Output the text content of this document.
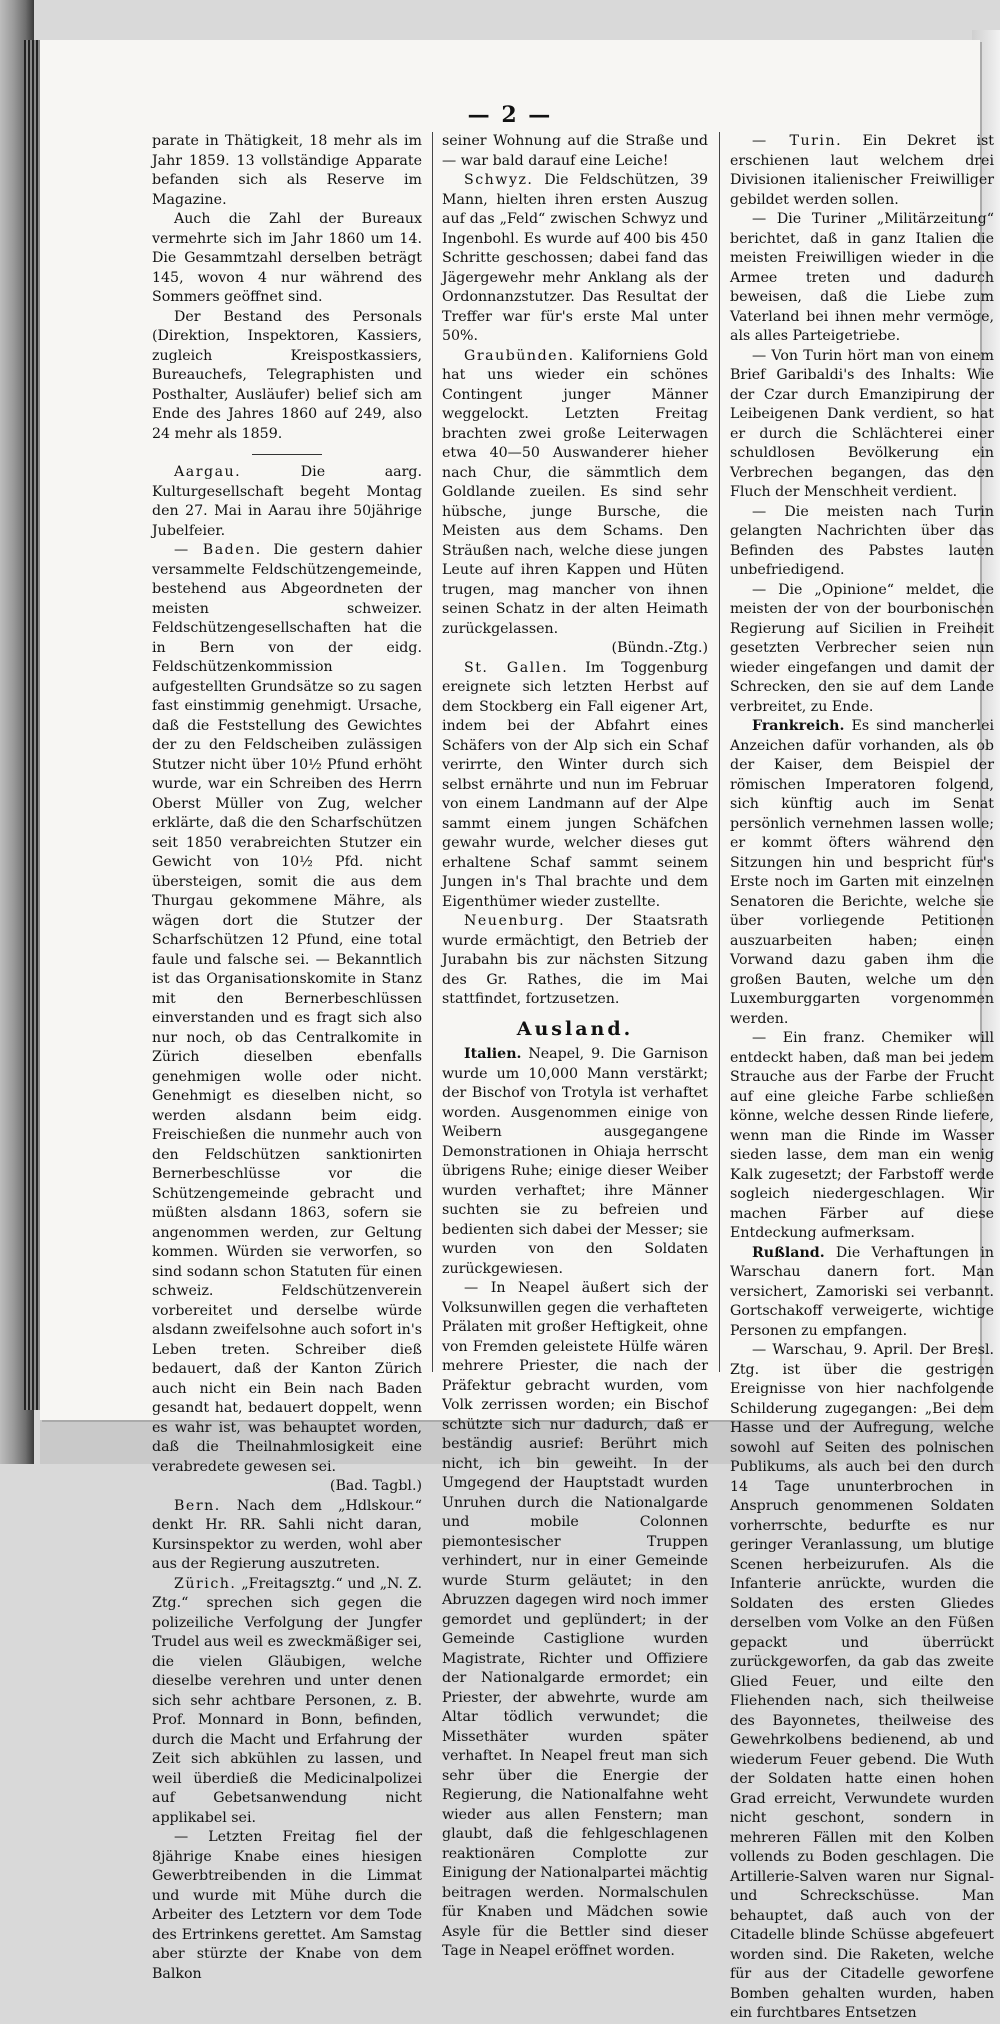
— 2 —

parate in Thätigkeit, 18 mehr als im Jahr 1859. 13 vollständige Apparate befanden sich als Reserve im Magazine.

Auch die Zahl der Bureaux vermehrte sich im Jahr 1860 um 14. Die Gesammtzahl derselben beträgt 145, wovon 4 nur während des Sommers geöffnet sind.

Der Bestand des Personals (Direktion, Inspektoren, Kassiers, zugleich Kreispostkassiers, Bureauchefs, Telegraphisten und Posthalter, Ausläufer) belief sich am Ende des Jahres 1860 auf 249, also 24 mehr als 1859.

Aargau.	Die aarg. Kulturgesellschaft begeht Montag den 27. Mai in Aarau ihre 50jährige Jubelfeier.

— Baden. Die gestern dahier versammelte Feldschützengemeinde, bestehend aus Abgeordneten der meisten schweizer. Feldschützengesellschaften hat die in Bern von der eidg. Feldschützenkommission aufgestellten Grundsätze so zu sagen fast einstimmig genehmigt. Ursache, daß die Feststellung des Gewichtes der zu den Feldscheiben zulässigen Stutzer nicht über 10½ Pfund erhöht wurde, war ein Schreiben des Herrn Oberst Müller von Zug, welcher erklärte, daß die den Scharfschützen seit 1850 verabreichten Stutzer ein Gewicht von 10½ Pfd. nicht übersteigen, somit die aus dem Thurgau gekommene Mähre, als wägen dort die Stutzer der Scharfschützen 12 Pfund, eine total faule und falsche sei. — Bekanntlich ist das Organisationskomite in Stanz mit den Bernerbeschlüssen einverstanden und es fragt sich also nur noch, ob das Centralkomite in Zürich dieselben ebenfalls genehmigen wolle oder nicht. Genehmigt es dieselben nicht, so werden alsdann beim eidg. Freischießen die nunmehr auch von den Feldschützen sanktionirten Bernerbeschlüsse vor die Schützengemeinde gebracht und müßten alsdann 1863, sofern sie angenommen werden, zur Geltung kommen. Würden sie verworfen, so sind sodann schon Statuten für einen schweiz. Feldschützenverein vorbereitet und derselbe würde alsdann zweifelsohne auch sofort in's Leben treten. Schreiber dieß bedauert, daß der Kanton Zürich auch nicht ein Bein nach Baden gesandt hat, bedauert doppelt, wenn es wahr ist, was behauptet worden, daß die Theilnahmlosigkeit eine verabredete gewesen sei.

(Bad. Tagbl.)

Bern. Nach dem „Hdlskour.“ denkt Hr. RR. Sahli nicht daran, Kursinspektor zu werden, wohl aber aus der Regierung auszutreten.

Zürich. „Freitagsztg.“ und „N. Z. Ztg.“ sprechen sich gegen die polizeiliche Verfolgung der Jungfer Trudel aus weil es zweckmäßiger sei, die vielen Gläubigen, welche dieselbe verehren und unter denen sich sehr achtbare Personen, z. B. Prof. Monnard in Bonn, befinden, durch die Macht und Erfahrung der Zeit sich abkühlen zu lassen, und weil überdieß die Medicinalpolizei auf Gebetsanwendung nicht applikabel sei.

— Letzten Freitag fiel der 8jährige Knabe eines hiesigen Gewerbtreibenden in die Limmat und wurde mit Mühe durch die Arbeiter des Letztern vor dem Tode des Ertrinkens gerettet. Am Samstag aber stürzte der Knabe von dem Balkon

seiner Wohnung auf die Straße und — war bald darauf eine Leiche!

Schwyz. Die Feldschützen, 39 Mann, hielten ihren ersten Auszug auf das „Feld“ zwischen Schwyz und Ingenbohl. Es wurde auf 400 bis 450 Schritte geschossen; dabei fand das Jägergewehr mehr Anklang als der Ordonnanzstutzer. Das Resultat der Treffer war für's erste Mal unter 50%.

Graubünden. Kaliforniens Gold hat uns wieder ein schönes Contingent junger Männer weggelockt. Letzten Freitag brachten zwei große Leiterwagen etwa 40—50 Auswanderer hieher nach Chur, die sämmtlich dem Goldlande zueilen. Es sind sehr hübsche, junge Bursche, die Meisten aus dem Schams. Den Sträußen nach, welche diese jungen Leute auf ihren Kappen und Hüten trugen, mag mancher von ihnen seinen Schatz in der alten Heimath zurückgelassen.

(Bündn.-Ztg.)

St. Gallen. Im Toggenburg ereignete sich letzten Herbst auf dem Stockberg ein Fall eigener Art, indem bei der Abfahrt eines Schäfers von der Alp sich ein Schaf verirrte, den Winter durch sich selbst ernährte und nun im Februar von einem Landmann auf der Alpe sammt einem jungen Schäfchen gewahr wurde, welcher dieses gut erhaltene Schaf sammt seinem Jungen in's Thal brachte und dem Eigenthümer wieder zustellte.

Neuenburg. Der Staatsrath wurde ermächtigt, den Betrieb der Jurabahn bis zur nächsten Sitzung des Gr. Rathes, die im Mai stattfindet, fortzusetzen.

Ausland.

Italien. Neapel, 9. Die Garnison wurde um 10,000 Mann verstärkt; der Bischof von Trotyla ist verhaftet worden. Ausgenommen einige von Weibern ausgegangene Demonstrationen in Ohiaja herrscht übrigens Ruhe; einige dieser Weiber wurden verhaftet; ihre Männer suchten sie zu befreien und bedienten sich dabei der Messer; sie wurden von den Soldaten zurückgewiesen.

— In Neapel äußert sich der Volksunwillen gegen die verhafteten Prälaten mit großer Heftigkeit, ohne von Fremden geleistete Hülfe wären mehrere Priester, die nach der Präfektur gebracht wurden, vom Volk zerrissen worden; ein Bischof schützte sich nur dadurch, daß er beständig ausrief: Berührt mich nicht, ich bin geweiht. In der Umgegend der Hauptstadt wurden Unruhen durch die Nationalgarde und mobile Colonnen piemontesischer Truppen verhindert, nur in einer Gemeinde wurde Sturm geläutet; in den Abruzzen dagegen wird noch immer gemordet und geplündert; in der Gemeinde Castiglione wurden Magistrate, Richter und Offiziere der Nationalgarde ermordet; ein Priester, der abwehrte, wurde am Altar tödlich verwundet; die Missethäter wurden später verhaftet. In Neapel freut man sich sehr über die Energie der Regierung, die Nationalfahne weht wieder aus allen Fenstern; man glaubt, daß die fehlgeschlagenen reaktionären Complotte zur Einigung der Nationalpartei mächtig beitragen werden. Normalschulen für Knaben und Mädchen sowie Asyle für die Bettler sind dieser Tage in Neapel eröffnet worden.

— Turin. Ein Dekret ist erschienen laut welchem drei Divisionen italienischer Freiwilliger gebildet werden sollen.

— Die Turiner „Militärzeitung“ berichtet, daß in ganz Italien die meisten Freiwilligen wieder in die Armee treten und dadurch beweisen, daß die Liebe zum Vaterland bei ihnen mehr vermöge, als alles Parteigetriebe.

— Von Turin hört man von einem Brief Garibaldi's des Inhalts: Wie der Czar durch Emanzipirung der Leibeigenen Dank verdient, so hat er durch die Schlächterei einer schuldlosen Bevölkerung ein Verbrechen begangen, das den Fluch der Menschheit verdient.

— Die meisten nach Turin gelangten Nachrichten über das Befinden des Pabstes lauten unbefriedigend.

— Die „Opinione“ meldet, die meisten der von der bourbonischen Regierung auf Sicilien in Freiheit gesetzten Verbrecher seien nun wieder eingefangen und damit der Schrecken, den sie auf dem Lande verbreitet, zu Ende.

Frankreich. Es sind mancherlei Anzeichen dafür vorhanden, als ob der Kaiser, dem Beispiel der römischen Imperatoren folgend, sich künftig auch im Senat persönlich vernehmen lassen wolle; er kommt öfters während den Sitzungen hin und bespricht für's Erste noch im Garten mit einzelnen Senatoren die Berichte, welche sie über vorliegende Petitionen auszuarbeiten haben; einen Vorwand dazu gaben ihm die großen Bauten, welche um den Luxemburggarten vorgenommen werden.

— Ein franz. Chemiker will entdeckt haben, daß man bei jedem Strauche aus der Farbe der Frucht auf eine gleiche Farbe schließen könne, welche dessen Rinde liefere, wenn man die Rinde im Wasser sieden lasse, dem man ein wenig Kalk zugesetzt; der Farbstoff werde sogleich niedergeschlagen. Wir machen Färber auf diese Entdeckung aufmerksam.

Rußland. Die Verhaftungen in Warschau danern fort. Man versichert, Zamoriski sei verbannt. Gortschakoff verweigerte, wichtige Personen zu empfangen.

— Warschau, 9. April. Der Bresl. Ztg. ist über die gestrigen Ereignisse von hier nachfolgende Schilderung zugegangen: „Bei dem Hasse und der Aufregung, welche sowohl auf Seiten des polnischen Publikums, als auch bei den durch 14 Tage ununterbrochen in Anspruch genommenen Soldaten vorherrschte, bedurfte es nur geringer Veranlassung, um blutige Scenen herbeizurufen. Als die Infanterie anrückte, wurden die Soldaten des ersten Gliedes derselben vom Volke an den Füßen gepackt und überrückt zurückgeworfen, da gab das zweite Glied Feuer, und eilte den Fliehenden nach, sich theilweise des Bayonnetes, theilweise des Gewehrkolbens bedienend, ab und wiederum Feuer gebend. Die Wuth der Soldaten hatte einen hohen Grad erreicht, Verwundete wurden nicht geschont, sondern in mehreren Fällen mit den Kolben vollends zu Boden geschlagen. Die Artillerie-Salven waren nur Signal- und Schreckschüsse. Man behauptet, daß auch von der Citadelle blinde Schüsse abgefeuert worden sind. Die Raketen, welche für aus der Citadelle geworfene Bomben gehalten wurden, haben ein furchtbares Entsetzen
